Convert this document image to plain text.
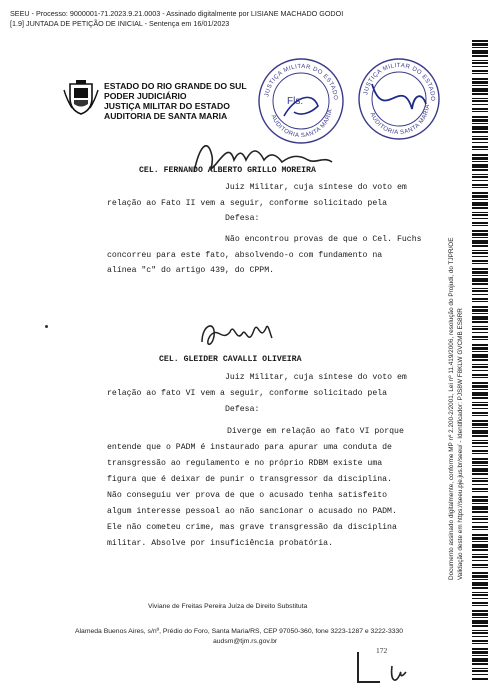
SEEU - Processo: 9000001-71.2023.9.21.0003 - Assinado digitalmente por LISIANE MACHADO GODOI
[1.9] JUNTADA DE PETIÇÃO DE INICIAL - Sentença em 16/01/2023
ESTADO DO RIO GRANDE DO SUL
PODER JUDICIÁRIO
JUSTIÇA MILITAR DO ESTADO
AUDITORIA DE SANTA MARIA
JUSTIÇA MILITAR DO ESTADO
AUDITORIA SANTA MARIA
Fls.
JUSTIÇA MILITAR DO ESTADO
AUDITORIA SANTA MARIA
CEL. FERNANDO ALBERTO GRILLO MOREIRA
Juiz Militar, cuja síntese do voto em
relação ao Fato II vem a seguir, conforme solicitado pela
Defesa:
Não encontrou provas de que o Cel. Fuchs
concorreu para este fato, absolvendo-o com fundamento na
alínea "c" do artigo 439, do CPPM.
CEL. GLEIDER CAVALLI OLIVEIRA
Juiz Militar, cuja síntese do voto em
relação ao fato VI vem a seguir, conforme solicitado pela
Defesa:
Diverge em relação ao fato VI porque
entende que o PADM é instaurado para apurar uma conduta de
transgressão ao regulamento e no próprio RDBM existe uma
figura que é deixar de punir o transgressor da disciplina.
Não conseguiu ver prova de que o acusado tenha satisfeito
algum interesse pessoal ao não sancionar o acusado no PADM.
Ele não cometeu crime, mas grave transgressão da disciplina
militar. Absolve por insuficiência probatória.
Viviane de Freitas Pereira Juíza de Direito Substituta
Alameda Buenos Aires, s/nº, Prédio do Foro, Santa Maria/RS, CEP 97050-360, fone 3223-1287 e 3222-3330
audsm@tjm.rs.gov.br
172
Documento assinado digitalmente, conforme MP nº 2.200-2/2001, Lei nº 11.419/2006, resolução do Projudi, do TJPR/OE Validação deste em https://seeu.pje.jus.br/seeu/ - Identificador: PJS8W F8KLW GVCMB ES8RR
